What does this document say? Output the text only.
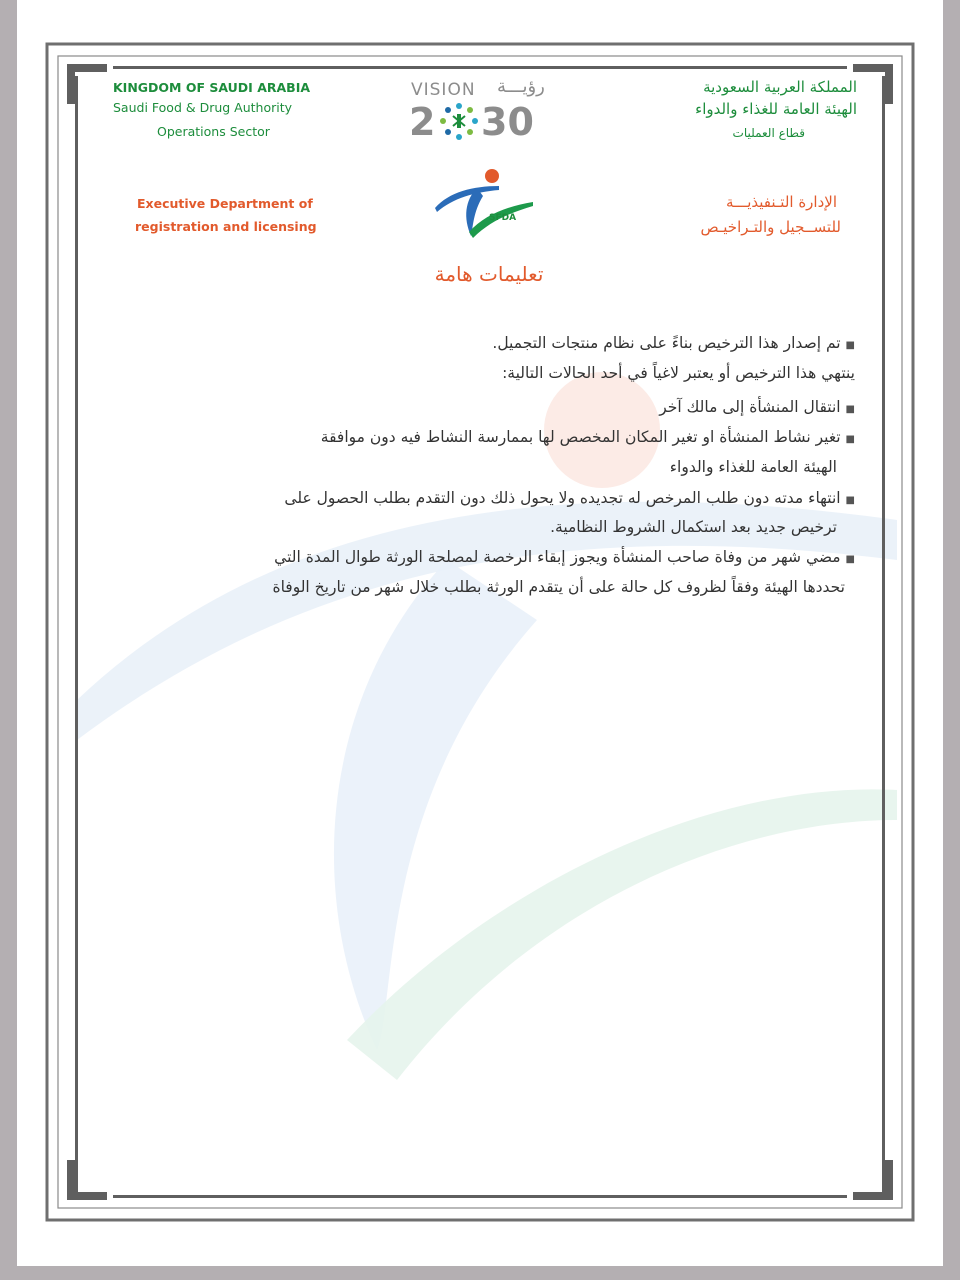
KINGDOM OF SAUDI ARABIA
Saudi Food & Drug Authority
Operations Sector
المملكة العربية السعودية
الهيئة العامة للغذاء والدواء
قطاع العمليات
VISION رؤيـــة
2 30
Executive Department of
registration and licensing
الإدارة التـنفيذيـــة
للتســجيل والتـراخيـص
SFDA
تعليمات هامة
■ تم إصدار هذا الترخيص بناءً على نظام منتجات التجميل.
ينتهي هذا الترخيص أو يعتبر لاغياً في أحد الحالات التالية:
■ انتقال المنشأة إلى مالك آخر
■ تغير نشاط المنشأة او تغير المكان المخصص لها بممارسة النشاط فيه دون موافقة
الهيئة العامة للغذاء والدواء
■ انتهاء مدته دون طلب المرخص له تجديده ولا يحول ذلك دون التقدم بطلب الحصول على
ترخيص جديد بعد استكمال الشروط النظامية.
■ مضي شهر من وفاة صاحب المنشأة ويجوز إبقاء الرخصة لمصلحة الورثة طوال المدة التي
تحددها الهيئة وفقاً لظروف كل حالة على أن يتقدم الورثة بطلب خلال شهر من تاريخ الوفاة
